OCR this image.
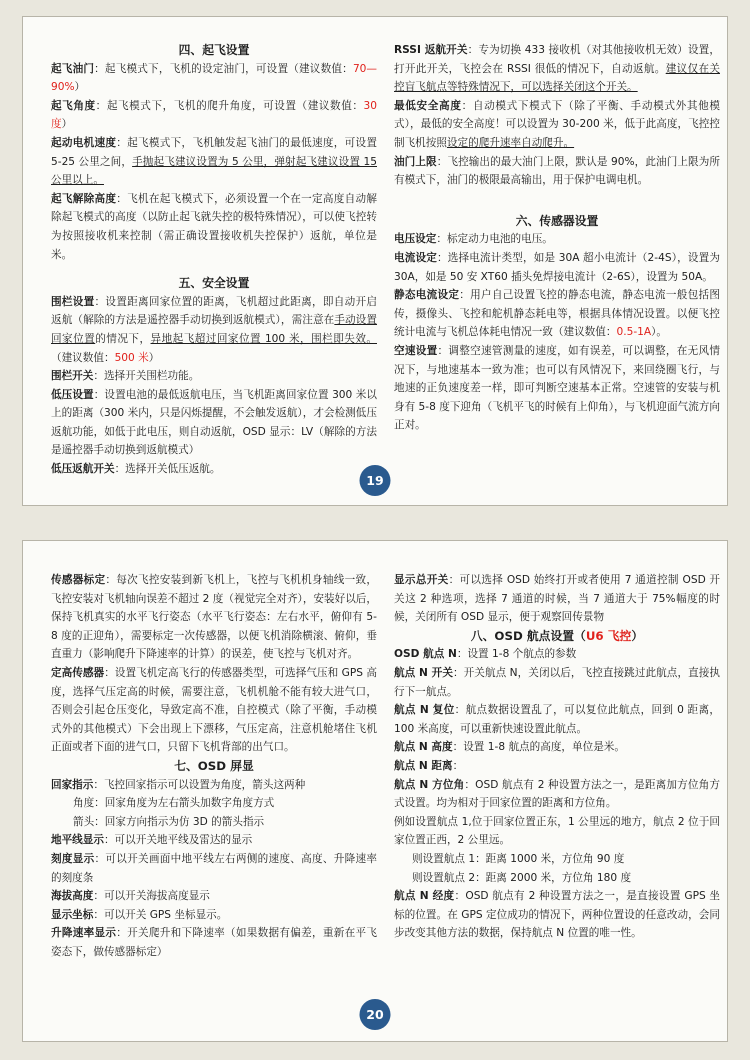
四、起飞设置

起飞油门：起飞模式下，飞机的设定油门，可设置（建议数值：70—90%）

起飞角度：起飞模式下，飞机的爬升角度，可设置（建议数值：30 度）

起动电机速度：起飞模式下，飞机触发起飞油门的最低速度，可设置 5-25 公里之间，手抛起飞建议设置为 5 公里，弹射起飞建议设置 15 公里以上。

起飞解除高度：飞机在起飞模式下，必须设置一个在一定高度自动解除起飞模式的高度（以防止起飞就失控的极特殊情况），可以使飞控转为按照接收机来控制（需正确设置接收机失控保护）返航，单位是米。

五、安全设置

围栏设置：设置距离回家位置的距离，飞机超过此距离，即自动开启返航（解除的方法是遥控器手动切换到返航模式），需注意在手动设置回家位置的情况下，异地起飞超过回家位置 100 米，围栏即失效。（建议数值：500 米）

围栏开关：选择开关围栏功能。

低压设置：设置电池的最低返航电压，当飞机距离回家位置 300 米以上的距离（300 米内，只是闪烁提醒，不会触发返航），才会检测低压返航功能，如低于此电压，则自动返航，OSD 显示：LV（解除的方法是遥控器手动切换到返航模式）

低压返航开关：选择开关低压返航。

RSSI 返航开关：专为切换 433 接收机（对其他接收机无效）设置，打开此开关，飞控会在 RSSI 很低的情况下，自动返航。建议仅在关控盲飞航点等特殊情况下，可以选择关闭这个开关。

最低安全高度：自动模式下模式下（除了平衡、手动模式外其他模式），最低的安全高度！可以设置为 30-200 米，低于此高度，飞控控制飞机按照设定的爬升速率自动爬升。

油门上限：飞控输出的最大油门上限，默认是 90%，此油门上限为所有模式下，油门的极限最高输出，用于保护电调电机。

六、传感器设置

电压设定：标定动力电池的电压。

电流设定：选择电流计类型，如是 30A 超小电流计（2-4S），设置为 30A，如是 50 安 XT60 插头免焊接电流计（2-6S），设置为 50A。

静态电流设定：用户自己设置飞控的静态电流，静态电流一般包括图传，摄像头、飞控和舵机静态耗电等，根据具体情况设置。以便飞控统计电流与飞机总体耗电情况一致（建议数值：0.5-1A）。

空速设置：调整空速管测量的速度，如有误差，可以调整，在无风情况下，与地速基本一致为准；也可以有风情况下，来回绕圈飞行，与地速的正负速度差一样，即可判断空速基本正常。空速管的安装与机身有 5-8 度下迎角（飞机平飞的时候有上仰角），与飞机迎面气流方向正对。

19

传感器标定：每次飞控安装到新飞机上，飞控与飞机机身轴线一致，飞控安装对飞机轴向误差不超过 2 度（视觉完全对齐），安装好以后，保持飞机真实的水平飞行姿态（水平飞行姿态：左右水平，俯仰有 5-8 度的正迎角），需要标定一次传感器，以便飞机消除横滚、俯仰，垂直重力（影响爬升下降速率的计算）的误差，使飞控与飞机对齐。

定高传感器：设置飞机定高飞行的传感器类型，可选择气压和 GPS 高度，选择气压定高的时候，需要注意，飞机机舱不能有较大进气口，否则会引起仓压变化，导致定高不准，自控模式（除了平衡，手动模式外的其他模式）下会出现上下漂移，气压定高，注意机舱堵住飞机正面或者下面的进气口，只留下飞机背部的出气口。

七、OSD 屏显

回家指示：飞控回家指示可以设置为角度，箭头这两种

角度：回家角度为左右箭头加数字角度方式

箭头：回家方向指示为仿 3D 的箭头指示

地平线显示：可以开关地平线及雷达的显示

刻度显示：可以开关画面中地平线左右两侧的速度、高度、升降速率的刻度条

海拔高度：可以开关海拔高度显示

显示坐标：可以开关 GPS 坐标显示。

升降速率显示：开关爬升和下降速率（如果数据有偏差，重新在平飞姿态下，做传感器标定）

显示总开关：可以选择 OSD 始终打开或者使用 7 通道控制 OSD 开关这 2 种选项，选择 7 通道的时候，当 7 通道大于 75%幅度的时候，关闭所有 OSD 显示，便于观察回传景物

八、OSD 航点设置（U6 飞控）

OSD 航点 N：设置 1-8 个航点的参数

航点 N 开关：开关航点 N，关闭以后，飞控直接跳过此航点，直接执行下一航点。

航点 N 复位：航点数据设置乱了，可以复位此航点，回到 0 距离，100 米高度，可以重新快速设置此航点。

航点 N 高度：设置 1-8 航点的高度，单位是米。

航点 N 距离：

航点 N 方位角：OSD 航点有 2 种设置方法之一，是距离加方位角方式设置。均为相对于回家位置的距离和方位角。

例如设置航点 1,位于回家位置正东，1 公里远的地方，航点 2 位于回家位置正西，2 公里远。

则设置航点 1：距离 1000 米，方位角 90 度

则设置航点 2：距离 2000 米，方位角 180 度

航点 N 经度：OSD 航点有 2 种设置方法之一，是直接设置 GPS 坐标的位置。在 GPS 定位成功的情况下，两种位置设的任意改动，会同步改变其他方法的数据，保持航点 N 位置的唯一性。

20
